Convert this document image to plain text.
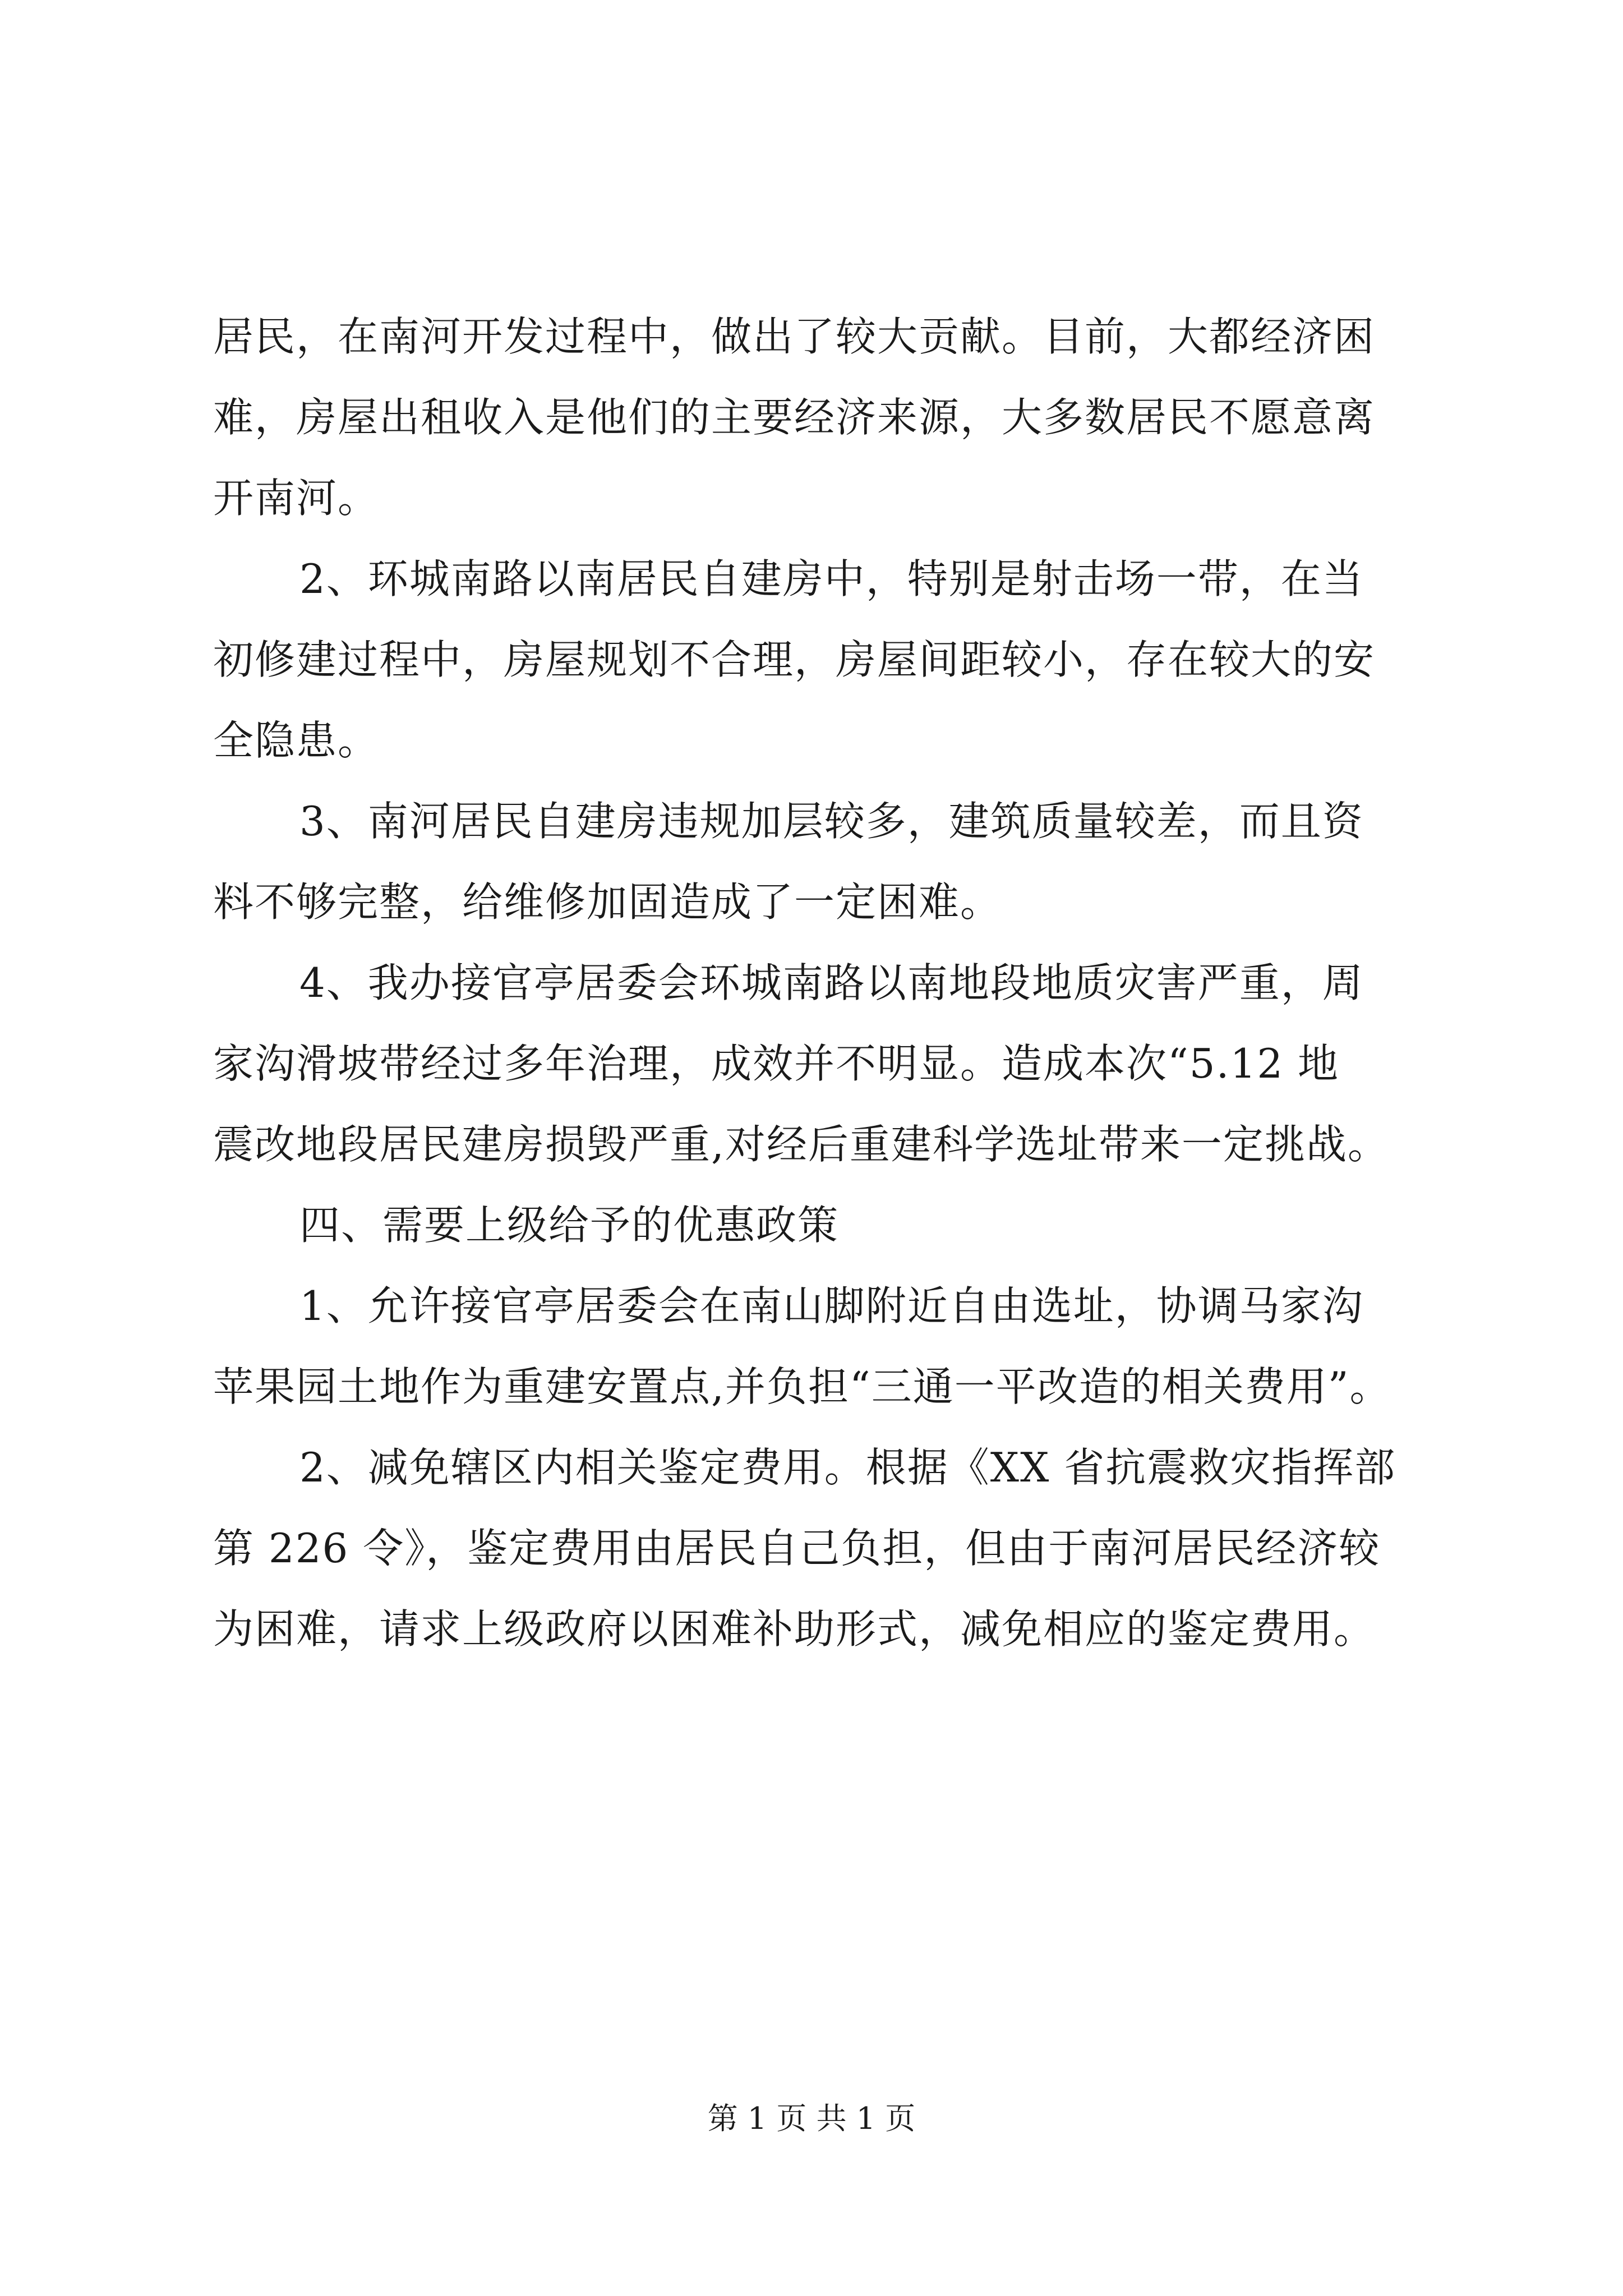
居民，在南河开发过程中，做出了较大贡献。目前，大都经济困
难，房屋出租收入是他们的主要经济来源，大多数居民不愿意离
开南河。
2、环城南路以南居民自建房中，特别是射击场一带，在当
初修建过程中，房屋规划不合理，房屋间距较小，存在较大的安
全隐患。
3、南河居民自建房违规加层较多，建筑质量较差，而且资
料不够完整，给维修加固造成了一定困难。
4、我办接官亭居委会环城南路以南地段地质灾害严重，周
家沟滑坡带经过多年治理，成效并不明显。造成本次“5.12 地
震改地段居民建房损毁严重,对经后重建科学选址带来一定挑战。
四、需要上级给予的优惠政策
1、允许接官亭居委会在南山脚附近自由选址，协调马家沟
苹果园土地作为重建安置点,并负担“三通一平改造的相关费用”。
2、减免辖区内相关鉴定费用。根据《XX 省抗震救灾指挥部
第 226 令》，鉴定费用由居民自己负担，但由于南河居民经济较
为困难，请求上级政府以困难补助形式，减免相应的鉴定费用。
第 1 页 共 1 页
